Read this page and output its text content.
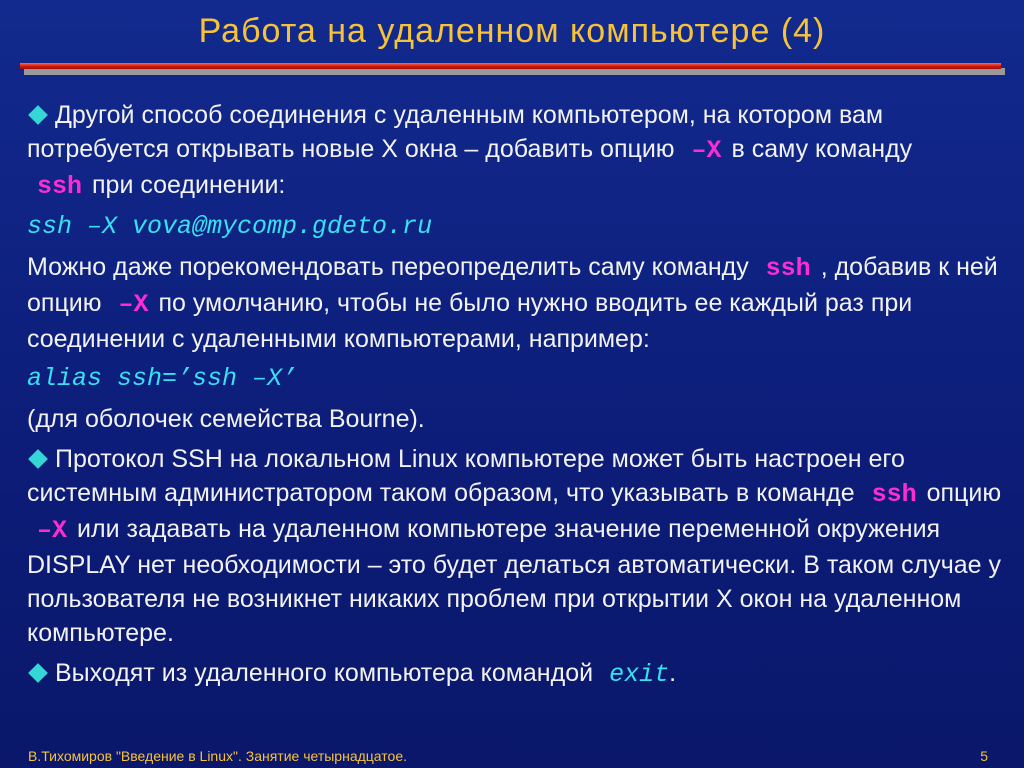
Работа на удаленном компьютере (4)
Другой способ соединения с удаленным компьютером, на котором вам потребуется открывать новые X окна – добавить опцию –X в саму команду ssh при соединении:
ssh –X vova@mycomp.gdeto.ru
Можно даже порекомендовать переопределить саму команду ssh , добавив к ней опцию –X по умолчанию, чтобы не было нужно вводить ее каждый раз при соединении с удаленными компьютерами, например:
alias ssh=’ssh –X’
(для оболочек семейства Bourne).
Протокол SSH на локальном Linux компьютере может быть настроен его системным администратором таком образом, что указывать в команде ssh опцию –X или задавать на удаленном компьютере значение переменной окружения DISPLAY нет необходимости – это будет делаться автоматически. В таком случае у пользователя не возникнет никаких проблем при открытии X окон на удаленном компьютере.
Выходят из удаленного компьютера командой exit.
В.Тихомиров "Введение в Linux". Занятие четырнадцатое.	5
